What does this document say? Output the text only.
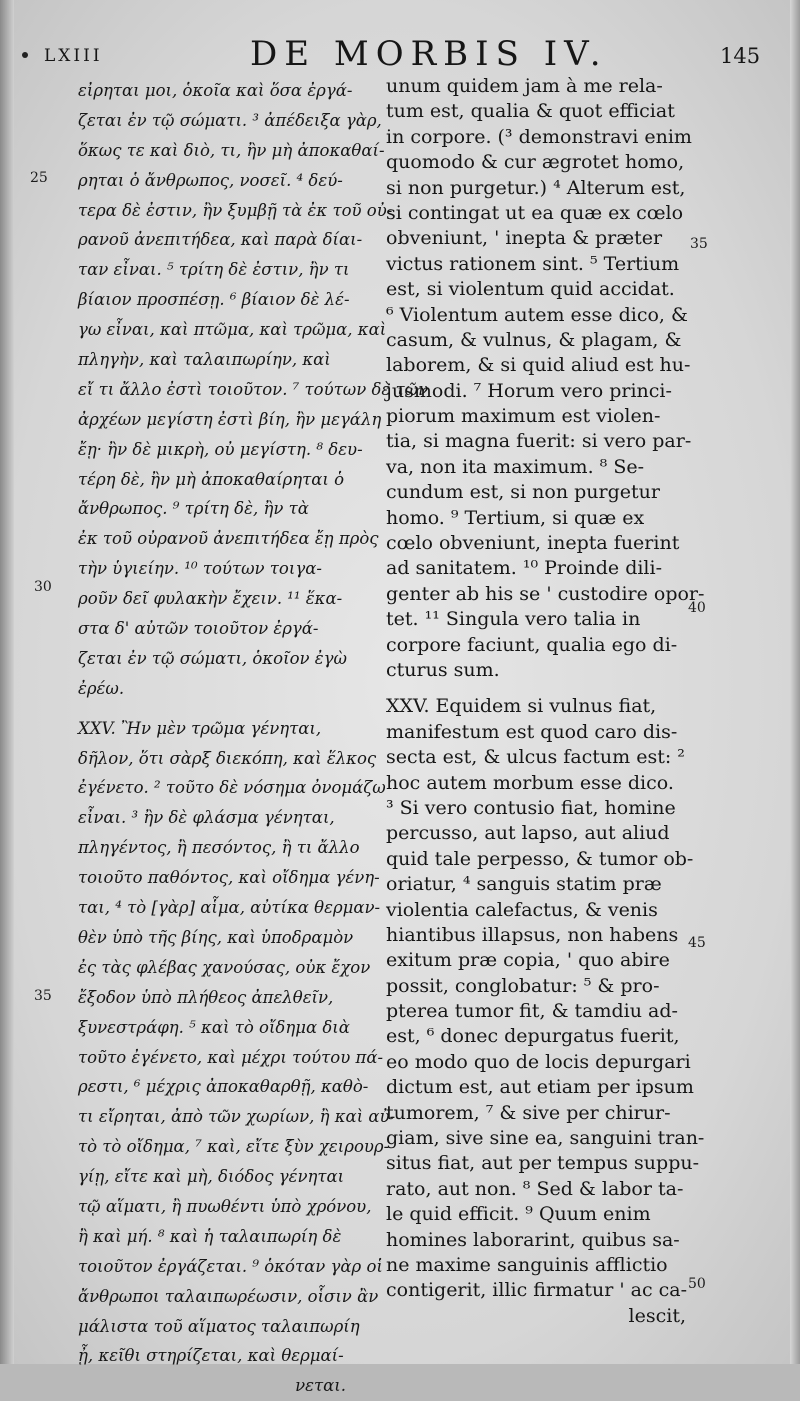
LXIII	DE MORBIS IV.	145
εἰρηται μοι, ὁκοῖα καὶ ὅσα ἐργά-
ζεται ἐν τῷ σώματι. ³ ἀπέδειξα γὰρ,
ὅκως τε καὶ διὸ, τι, ἢν μὴ ἀποκαθαί-
ρηται ὁ ἄνθρωπος, νοσεῖ. ⁴ δεύ-
τερα δὲ ἐστιν, ἢν ξυμβῇ τὰ ἐκ τοῦ οὐ-
ρανοῦ ἀνεπιτήδεα, καὶ παρὰ δίαι-
ταν εἶναι. ⁵ τρίτη δὲ ἐστιν, ἢν τι
βίαιον προσπέσῃ. ⁶ βίαιον δὲ λέ-
γω εἶναι, καὶ πτῶμα, καὶ τρῶμα, καὶ
πληγὴν, καὶ ταλαιπωρίην, καὶ
εἴ τι ἄλλο ἐστὶ τοιοῦτον. ⁷ τούτων δὲ τῶν
ἀρχέων μεγίστη ἐστὶ βίη, ἢν μεγάλη
ἔῃ· ἢν δὲ μικρὴ, οὐ μεγίστη. ⁸ δευ-
τέρη δὲ, ἢν μὴ ἀποκαθαίρηται ὁ
ἄνθρωπος. ⁹ τρίτη δὲ, ἢν τὰ
ἐκ τοῦ οὐρανοῦ ἀνεπιτήδεα ἔῃ πρὸς
τὴν ὑγιείην. ¹⁰ τούτων τοιγα-
ροῦν δεῖ φυλακὴν ἔχειν. ¹¹ ἕκα-
στα δ' αὐτῶν τοιοῦτον ἐργά-
ζεται ἐν τῷ σώματι, ὁκοῖον ἐγὼ
ἐρέω.
XXV. Ἢν μὲν τρῶμα γένηται,
δῆλον, ὅτι σὰρξ διεκόπη, καὶ ἕλκος
ἐγένετο. ² τοῦτο δὲ νόσημα ὀνομάζω
εἶναι. ³ ἢν δὲ φλάσμα γένηται,
πληγέντος, ἢ πεσόντος, ἢ τι ἄλλο
τοιοῦτο παθόντος, καὶ οἴδημα γένη-
ται, ⁴ τὸ [γὰρ] αἷμα, αὐτίκα θερμαν-
θὲν ὑπὸ τῆς βίης, καὶ ὑποδραμὸν
ἐς τὰς φλέβας χανούσας, οὐκ ἔχον
ἔξοδον ὑπὸ πλήθεος ἀπελθεῖν,
ξυνεστράφη. ⁵ καὶ τὸ οἴδημα διὰ
τοῦτο ἐγένετο, καὶ μέχρι τούτου πά-
ρεστι, ⁶ μέχρις ἀποκαθαρθῇ, καθὸ-
τι εἴρηται, ἀπὸ τῶν χωρίων, ἢ καὶ αὐ-
τὸ τὸ οἴδημα, ⁷ καὶ, εἴτε ξὺν χειρουρ-
γίῃ, εἴτε καὶ μὴ, διόδος γένηται
τῷ αἵματι, ἢ πυωθέντι ὑπὸ χρόνου,
ἢ καὶ μή. ⁸ καὶ ἡ ταλαιπωρίη δὲ
τοιοῦτον ἐργάζεται. ⁹ ὁκόταν γὰρ οἱ
ἄνθρωποι ταλαιπωρέωσιν, οἷσιν ἂν
μάλιστα τοῦ αἵματος ταλαιπωρίη
ᾖ, κεῖθι στηρίζεται, καὶ θερμαί-
νεται.
unum quidem jam à me rela-
tum est, qualia & quot efficiat
in corpore. (³ demonstravi enim
quomodo & cur ægrotet homo,
si non purgetur.) ⁴ Alterum est,
si contingat ut ea quæ ex cœlo
obveniunt, ' inepta & præter
victus rationem sint. ⁵ Tertium
est, si violentum quid accidat.
⁶ Violentum autem esse dico, &
casum, & vulnus, & plagam, &
laborem, & si quid aliud est hu-
jusmodi. ⁷ Horum vero princi-
piorum maximum est violen-
tia, si magna fuerit: si vero par-
va, non ita maximum. ⁸ Se-
cundum est, si non purgetur
homo. ⁹ Tertium, si quæ ex
cœlo obveniunt, inepta fuerint
ad sanitatem. ¹⁰ Proinde dili-
genter ab his se ' custodire opor-
tet. ¹¹ Singula vero talia in
corpore faciunt, qualia ego di-
cturus sum.
XXV. Equidem si vulnus fiat,
manifestum est quod caro dis-
secta est, & ulcus factum est: ²
hoc autem morbum esse dico.
³ Si vero contusio fiat, homine
percusso, aut lapso, aut aliud
quid tale perpesso, & tumor ob-
oriatur, ⁴ sanguis statim præ
violentia calefactus, & venis
hiantibus illapsus, non habens
exitum præ copia, ' quo abire
possit, conglobatur: ⁵ & pro-
pterea tumor fit, & tamdiu ad-
est, ⁶ donec depurgatus fuerit,
eo modo quo de locis depurgari
dictum est, aut etiam per ipsum
tumorem, ⁷ & sive per chirur-
giam, sive sine ea, sanguini tran-
situs fiat, aut per tempus suppu-
rato, aut non. ⁸ Sed & labor ta-
le quid efficit. ⁹ Quum enim
homines laborarint, quibus sa-
ne maxime sanguinis afflictio
contigerit, illic firmatur ' ac ca-
lescit,
25
30
35
35
40
45
50
